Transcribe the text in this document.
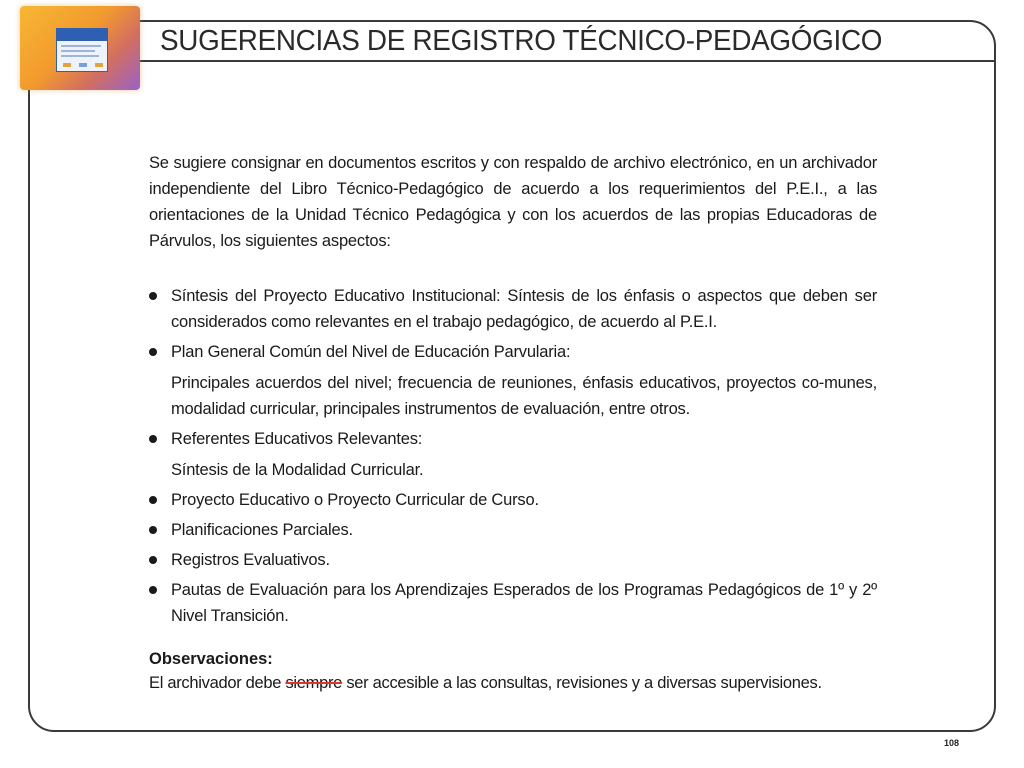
SUGERENCIAS DE REGISTRO TÉCNICO-PEDAGÓGICO

Se sugiere consignar en documentos escritos y con respaldo de archivo electrónico, en un archivador independiente del Libro Técnico-Pedagógico de acuerdo a los requerimientos del P.E.I., a las orientaciones de la Unidad Técnico Pedagógica y con los acuerdos de las propias Educadoras de Párvulos, los siguientes aspectos:

Síntesis del Proyecto Educativo Institucional: Síntesis de los énfasis o aspectos que deben ser considerados como relevantes en el trabajo pedagógico, de acuerdo al P.E.I.
Plan General Común del Nivel de Educación Parvularia:
Principales acuerdos del nivel; frecuencia de reuniones, énfasis educativos, proyectos co-munes, modalidad curricular, principales instrumentos de evaluación, entre otros.
Referentes Educativos Relevantes:
Síntesis de la Modalidad Curricular.
Proyecto Educativo o Proyecto Curricular de Curso.
Planificaciones Parciales.
Registros Evaluativos.
Pautas de Evaluación para los Aprendizajes Esperados de los Programas Pedagógicos de 1º y 2º Nivel Transición.

Observaciones:

El archivador debe siempre ser accesible a las consultas, revisiones y a diversas supervisiones.

108
